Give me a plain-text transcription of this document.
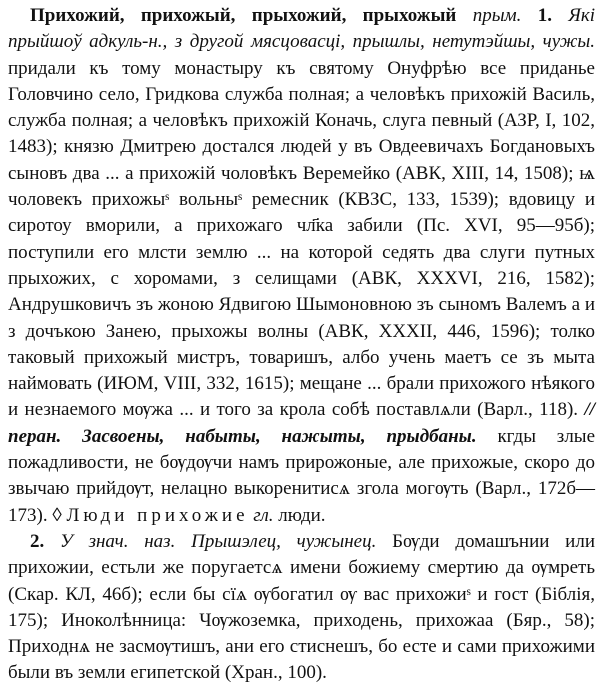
Прихожий, прихожый, прыхожий, прыхожый прым. 1. Які прыйшоў адкуль-н., з другой мясцовасці, прышлы, нетутэйшы, чужы. придали къ тому монастыру къ святому Онуфрѣю все приданье Головчино село, Гридкова служба полная; а человѣкъ прихожій Василь, служба полная; а человѣкъ прихожій Коначь, слуга певный (АЗР, I, 102, 1483); князю Дмитрею достался людей у въ Овдеевичахъ Богдановыхъ сыновъ два ... а прихожій чоловѣкъ Веремейко (АВК, XIII, 14, 1508); ѩ чоловекъ прихожыˢ вольныˢ ремесник (КВЗС, 133, 1539); вдовицу и сиротоу вморили, а прихожаго чл҃ка забили (Пс. XVI, 95—95б); поступили его млсти землю ... на которой седять два слуги путных прыхожих, с хоромами, з селищами (АВК, XXXVI, 216, 1582); Андрушковичъ зъ жоною Ядвигою Шымоновною зъ сыномъ Валемъ а и з дочъкою Занею, прыхожы волны (АВК, XXXII, 446, 1596); толко таковый прихожый мистръ, товаришъ, албо учень маетъ се зъ мыта наймовать (ИЮМ, VIII, 332, 1615); мещане ... брали прихожого нѣякого и незнаемого мѹжа ... и того за крола собѣ поставлѧли (Варл., 118). // перан. Засвоены, набыты, нажыты, прыдбаны. кгды злые пожадливости, не бѹдѹчи намъ прирожоные, але прихожые, скоро до звычаю прийдѹт, нелацно выкоренитисѧ згола могѹть (Варл., 172б—173). ◊ Люди прихожие гл. люди.

2. У знач. наз. Прышэлец, чужынец. Бѹди домашънии или прихожии, естьли же поругаетсѧ имени божиему смертию да ѹмреть (Скар. КЛ, 46б); если бы сїѧ ѹбогатил ѹ вас прихожиˢ и гост (Біблія, 175); Иноколѣнница: Чѹжоземка, приходень, прихожаа (Бяр., 58); Приходнѧ не засмѹтишъ, ани его стиснешъ, бо есте и сами прихожими были въ земли египетской (Хран., 100).
